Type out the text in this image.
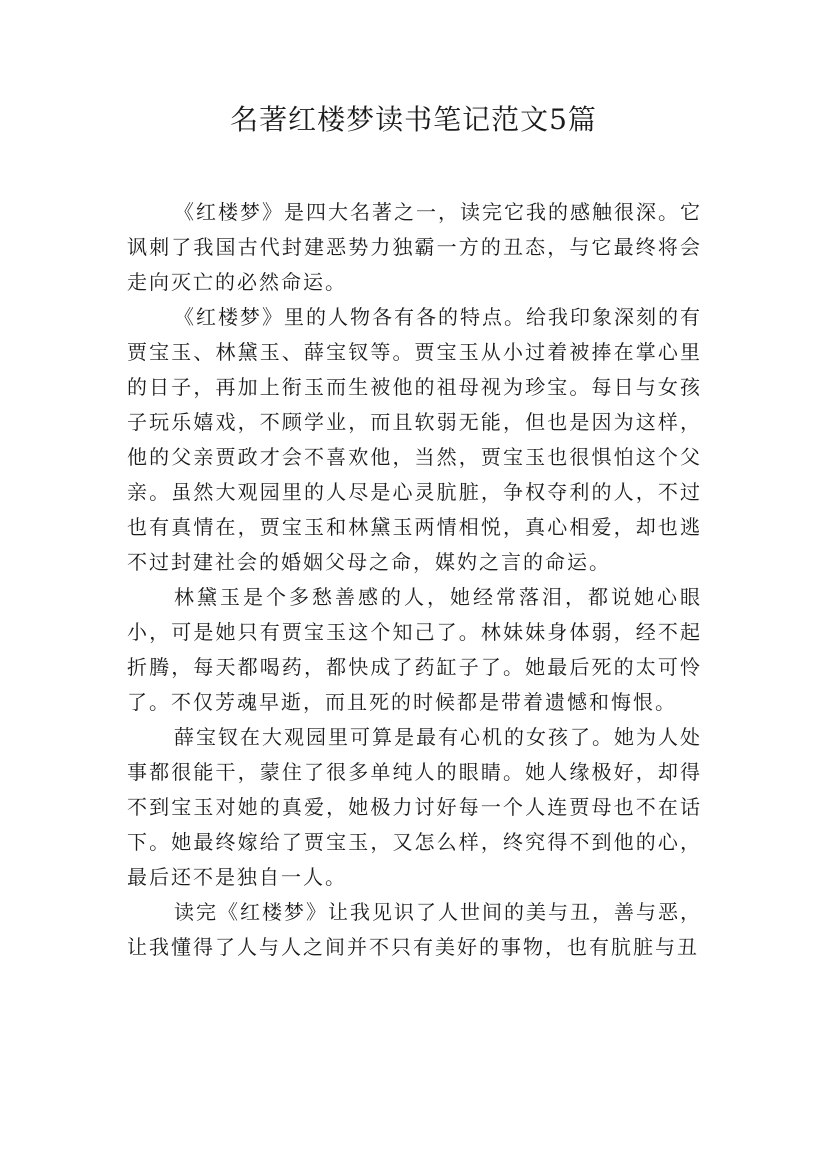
名著红楼梦读书笔记范文5篇

《红楼梦》是四大名著之一，读完它我的感触很深。它讽刺了我国古代封建恶势力独霸一方的丑态，与它最终将会走向灭亡的必然命运。

《红楼梦》里的人物各有各的特点。给我印象深刻的有贾宝玉、林黛玉、薛宝钗等。贾宝玉从小过着被捧在掌心里的日子，再加上衔玉而生被他的祖母视为珍宝。每日与女孩子玩乐嬉戏，不顾学业，而且软弱无能，但也是因为这样，他的父亲贾政才会不喜欢他，当然，贾宝玉也很惧怕这个父亲。虽然大观园里的人尽是心灵肮脏，争权夺利的人，不过也有真情在，贾宝玉和林黛玉两情相悦，真心相爱，却也逃不过封建社会的婚姻父母之命，媒妁之言的命运。

林黛玉是个多愁善感的人，她经常落泪，都说她心眼小，可是她只有贾宝玉这个知己了。林妹妹身体弱，经不起折腾，每天都喝药，都快成了药缸子了。她最后死的太可怜了。不仅芳魂早逝，而且死的时候都是带着遗憾和悔恨。

薛宝钗在大观园里可算是最有心机的女孩了。她为人处事都很能干，蒙住了很多单纯人的眼睛。她人缘极好，却得不到宝玉对她的真爱，她极力讨好每一个人连贾母也不在话下。她最终嫁给了贾宝玉，又怎么样，终究得不到他的心，最后还不是独自一人。

读完《红楼梦》让我见识了人世间的美与丑，善与恶，让我懂得了人与人之间并不只有美好的事物，也有肮脏与丑
